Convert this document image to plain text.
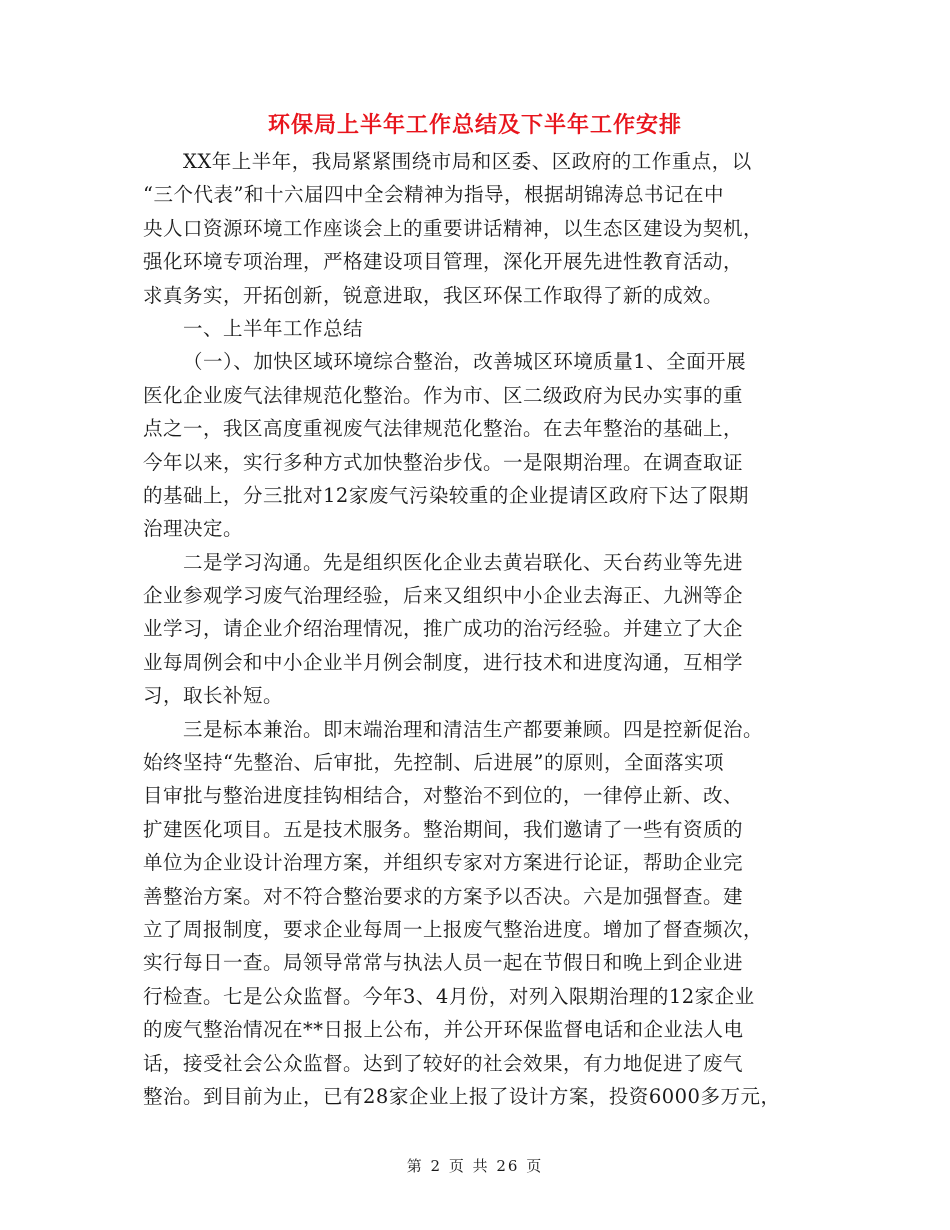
环保局上半年工作总结及下半年工作安排
XX年上半年，我局紧紧围绕市局和区委、区政府的工作重点，以
“三个代表”和十六届四中全会精神为指导，根据胡锦涛总书记在中
央人口资源环境工作座谈会上的重要讲话精神，以生态区建设为契机，
强化环境专项治理，严格建设项目管理，深化开展先进性教育活动，
求真务实，开拓创新，锐意进取，我区环保工作取得了新的成效。
一、上半年工作总结
（一）、加快区域环境综合整治，改善城区环境质量1、全面开展
医化企业废气法律规范化整治。作为市、区二级政府为民办实事的重
点之一，我区高度重视废气法律规范化整治。在去年整治的基础上，
今年以来，实行多种方式加快整治步伐。一是限期治理。在调查取证
的基础上，分三批对12家废气污染较重的企业提请区政府下达了限期
治理决定。
二是学习沟通。先是组织医化企业去黄岩联化、天台药业等先进
企业参观学习废气治理经验，后来又组织中小企业去海正、九洲等企
业学习，请企业介绍治理情况，推广成功的治污经验。并建立了大企
业每周例会和中小企业半月例会制度，进行技术和进度沟通，互相学
习，取长补短。
三是标本兼治。即末端治理和清洁生产都要兼顾。四是控新促治。
始终坚持“先整治、后审批，先控制、后进展”的原则，全面落实项
目审批与整治进度挂钩相结合，对整治不到位的，一律停止新、改、
扩建医化项目。五是技术服务。整治期间，我们邀请了一些有资质的
单位为企业设计治理方案，并组织专家对方案进行论证，帮助企业完
善整治方案。对不符合整治要求的方案予以否决。六是加强督查。建
立了周报制度，要求企业每周一上报废气整治进度。增加了督查频次，
实行每日一查。局领导常常与执法人员一起在节假日和晚上到企业进
行检查。七是公众监督。今年3、4月份，对列入限期治理的12家企业
的废气整治情况在**日报上公布，并公开环保监督电话和企业法人电
话，接受社会公众监督。达到了较好的社会效果，有力地促进了废气
整治。到目前为止，已有28家企业上报了设计方案，投资6000多万元，
第 2 页 共 26 页
